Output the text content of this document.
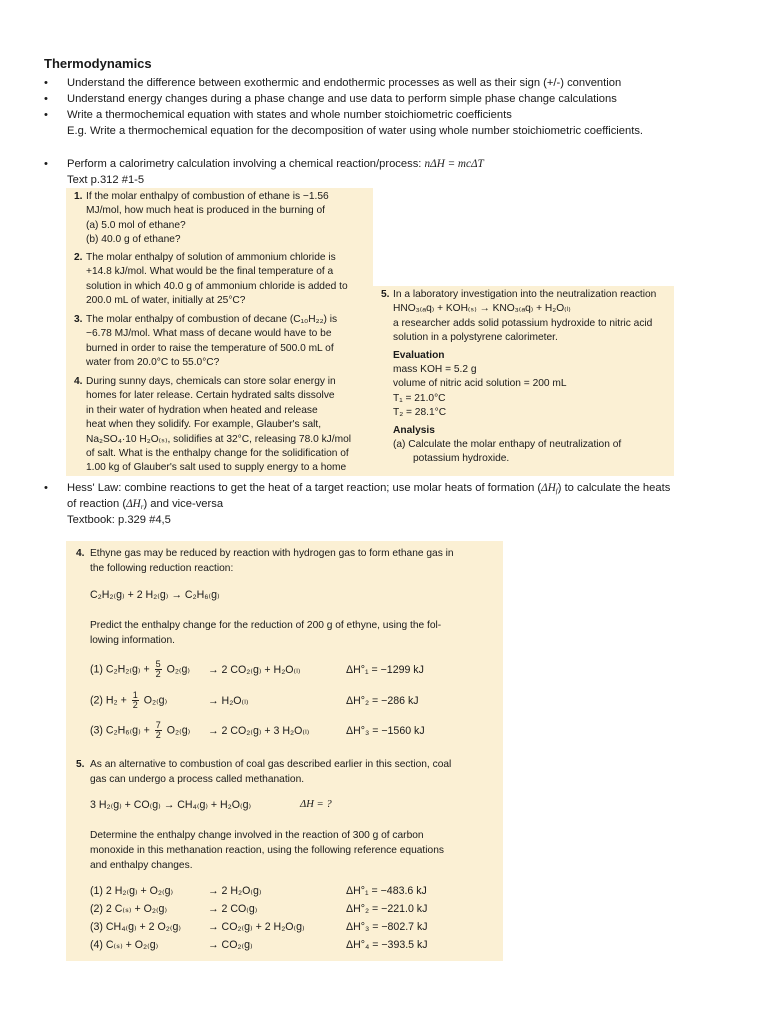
Thermodynamics
• Understand the difference between exothermic and endothermic processes as well as their sign (+/-) convention
• Understand energy changes during a phase change and use data to perform simple phase change calculations
• Write a thermochemical equation with states and whole number stoichiometric coefficients
E.g. Write a thermochemical equation for the decomposition of water using whole number stoichiometric coefficients.
• Perform a calorimetry calculation involving a chemical reaction/process: nΔH = mcΔT
Text p.312 #1-5
1. If the molar enthalpy of combustion of ethane is −1.56
MJ/mol, how much heat is produced in the burning of
(a) 5.0 mol of ethane?
(b) 40.0 g of ethane?
2. The molar enthalpy of solution of ammonium chloride is
+14.8 kJ/mol. What would be the final temperature of a
solution in which 40.0 g of ammonium chloride is added to
200.0 mL of water, initially at 25°C?
3. The molar enthalpy of combustion of decane (C₁₀H₂₂) is
−6.78 MJ/mol. What mass of decane would have to be
burned in order to raise the temperature of 500.0 mL of
water from 20.0°C to 55.0°C?
4. During sunny days, chemicals can store solar energy in
homes for later release. Certain hydrated salts dissolve
in their water of hydration when heated and release
heat when they solidify. For example, Glauber's salt,
Na₂SO₄·10 H₂O₍ₛ₎, solidifies at 32°C, releasing 78.0 kJ/mol
of salt. What is the enthalpy change for the solidification of
1.00 kg of Glauber's salt used to supply energy to a home
5. In a laboratory investigation into the neutralization reaction
HNO₃₍ₐq₎ + KOH₍ₛ₎ → KNO₃₍ₐq₎ + H₂O₍ₗ₎
a researcher adds solid potassium hydroxide to nitric acid
solution in a polystyrene calorimeter.
Evaluation
mass KOH = 5.2 g
volume of nitric acid solution = 200 mL
T₁ = 21.0°C
T₂ = 28.1°C
Analysis
(a) Calculate the molar enthapy of neutralization of
potassium hydroxide.
• Hess' Law: combine reactions to get the heat of a target reaction; use molar heats of formation $(\Delta H_f)$ to calculate the heats
of reaction $(\Delta H_r)$ and vice-versa
Textbook: p.329 #4,5
4. Ethyne gas may be reduced by reaction with hydrogen gas to form ethane gas in
the following reduction reaction:
C₂H₂₍g₎ + 2 H₂₍g₎ → C₂H₆₍g₎
Predict the enthalpy change for the reduction of 200 g of ethyne, using the fol-
lowing information.
(1) $C_2H_{2(}g_) + \frac{5}{2} O_{2(}g_) \to 2$ CO₂₍g₎ + H₂O₍ₗ₎	ΔH°₁ = −1299 kJ
(2) $H_2 + \frac{1}{2} O_{2(}g_)$	→ H₂O₍ₗ₎	ΔH°₂ = −286 kJ
(3) $C_2H_{6(}g_) + \frac{7}{2} O_{2(}g_) \to 2$ CO₂₍g₎ + 3 H₂O₍ₗ₎	ΔH°₃ = −1560 kJ
5. As an alternative to combustion of coal gas described earlier in this section, coal
gas can undergo a process called methanation.
3 H₂₍g₎ + CO₍g₎ → CH₄₍g₎ + H₂O₍g₎	ΔH = ?
Determine the enthalpy change involved in the reaction of 300 g of carbon
monoxide in this methanation reaction, using the following reference equations
and enthalpy changes.
(1) 2 H₂₍g₎ + O₂₍g₎	→ 2 H₂O₍g₎	ΔH°₁ = −483.6 kJ
(2) 2 C₍ₛ₎ + O₂₍g₎	→ 2 CO₍g₎	ΔH°₂ = −221.0 kJ
(3) CH₄₍g₎ + 2 O₂₍g₎	→ CO₂₍g₎ + 2 H₂O₍g₎	ΔH°₃ = −802.7 kJ
(4) C₍ₛ₎ + O₂₍g₎	→ CO₂₍g₎	ΔH°₄ = −393.5 kJ
